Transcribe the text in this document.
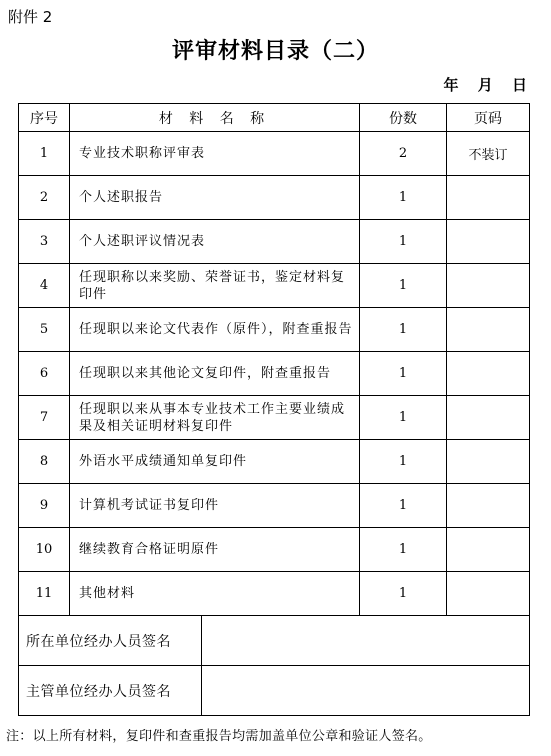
附件 2
评审材料目录（二）
年 月 日
序号	材 料 名 称	份数	页码
1	专业技术职称评审表	2	不装订
2	个人述职报告	1	
3	个人述职评议情况表	1	
4	任现职称以来奖励、荣誉证书，鉴定材料复印件	1	
5	任现职以来论文代表作（原件），附查重报告	1	
6	任现职以来其他论文复印件，附查重报告	1	
7	任现职以来从事本专业技术工作主要业绩成果及相关证明材料复印件	1	
8	外语水平成绩通知单复印件	1	
9	计算机考试证书复印件	1	
10	继续教育合格证明原件	1	
11	其他材料	1	

所在单位经办人员签名			

主管单位经办人员签名			
注：以上所有材料，复印件和查重报告均需加盖单位公章和验证人签名。
